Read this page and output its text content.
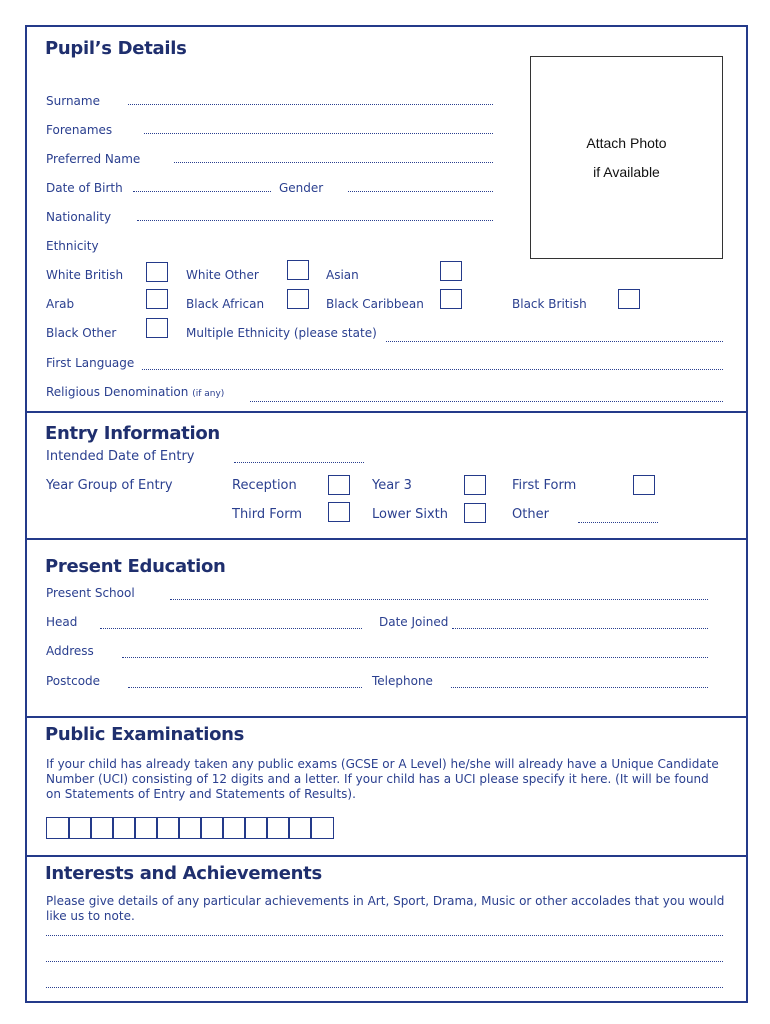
Pupil’s Details
Surname
Forenames
Preferred Name
Date of Birth	Gender
Nationality
Ethnicity
White British	White Other	Asian
Arab	Black African	Black Caribbean	Black British
Black Other	Multiple Ethnicity (please state)
First Language
Religious Denomination (if any)
Attach Photo
if Available
Entry Information
Intended Date of Entry
Year Group of Entry	Reception	Year 3	First Form
Third Form	Lower Sixth	Other
Present Education
Present School
Head	Date Joined
Address
Postcode	Telephone
Public Examinations
If your child has already taken any public exams (GCSE or A Level) he/she will already have a Unique Candidate Number (UCI) consisting of 12 digits and a letter. If your child has a UCI please specify it here. (It will be found on Statements of Entry and Statements of Results).
Interests and Achievements
Please give details of any particular achievements in Art, Sport, Drama, Music or other accolades that you would like us to note.
